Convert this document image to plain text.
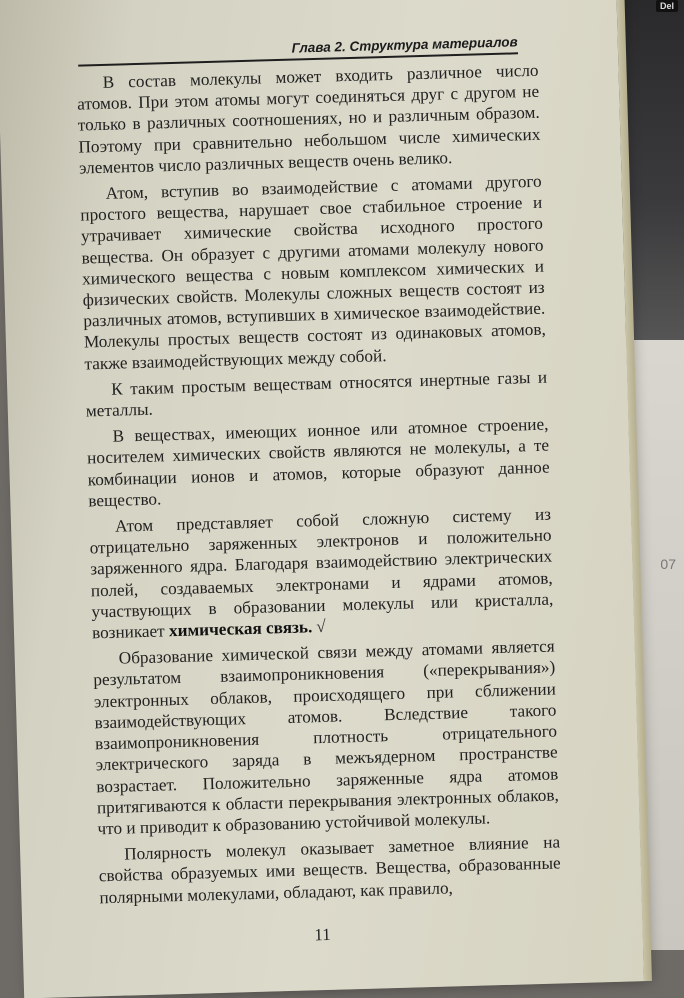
Del
07
Глава 2. Структура материалов

В состав молекулы может входить различное число атомов. При этом атомы могут соединяться друг с другом не только в различных соотношениях, но и различным образом. Поэтому при сравнительно небольшом числе химических элементов число различных веществ очень велико.

Атом, вступив во взаимодействие с атомами другого простого вещества, нарушает свое стабильное строение и утрачивает химические свойства исходного простого вещества. Он образует с другими атомами молекулу нового химического вещества с новым комплексом химических и физических свойств. Молекулы сложных веществ состоят из различных атомов, вступивших в химическое взаимодействие. Молекулы простых веществ состоят из одинаковых атомов, также взаимодействующих между собой.

К таким простым веществам относятся инертные газы и металлы.

В веществах, имеющих ионное или атомное строение, носителем химических свойств являются не молекулы, а те комбинации ионов и атомов, которые образуют данное вещество.

Атом представляет собой сложную систему из отрицательно заряженных электронов и положительно заряженного ядра. Благодаря взаимодействию электрических полей, создаваемых электронами и ядрами атомов, участвующих в образовании молекулы или кристалла, возникает химическая связь. √

Образование химической связи между атомами является результатом взаимопроникновения («перекрывания») электронных облаков, происходящего при сближении взаимодействующих атомов. Вследствие такого взаимопроникновения плотность отрицательного электрического заряда в межъядерном пространстве возрастает. Положительно заряженные ядра атомов притягиваются к области перекрывания электронных облаков, что и приводит к образованию устойчивой молекулы.

Полярность молекул оказывает заметное влияние на свойства образуемых ими веществ. Вещества, образованные полярными молекулами, обладают, как правило,

11
